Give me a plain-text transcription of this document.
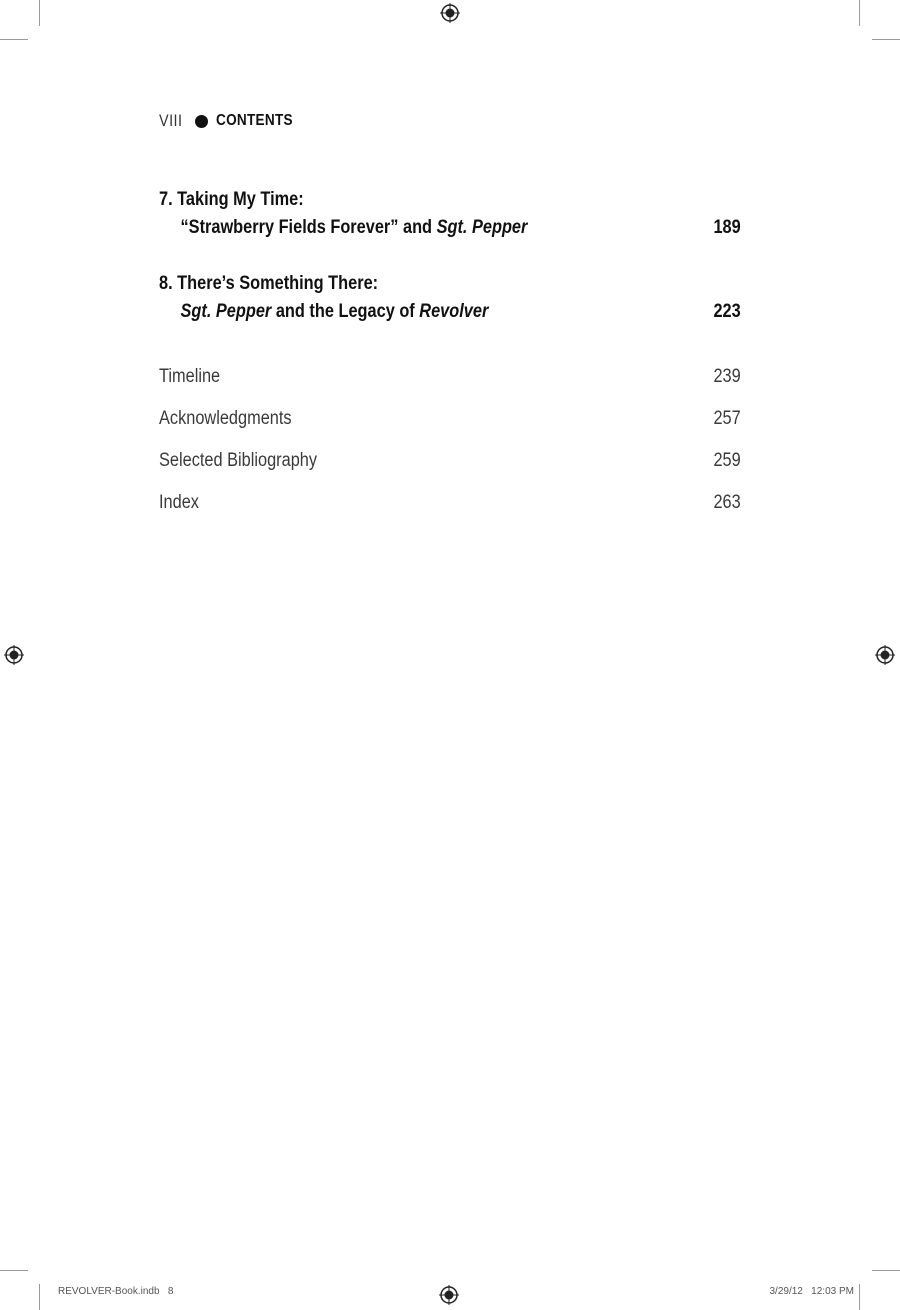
VIII CONTENTS
7. Taking My Time:
“Strawberry Fields Forever” and Sgt. Pepper	189
8. There’s Something There:
Sgt. Pepper and the Legacy of Revolver	223
Timeline	239
Acknowledgments	257
Selected Bibliography	259
Index	263
REVOLVER-Book.indb   8	3/29/12   12:03 PM
